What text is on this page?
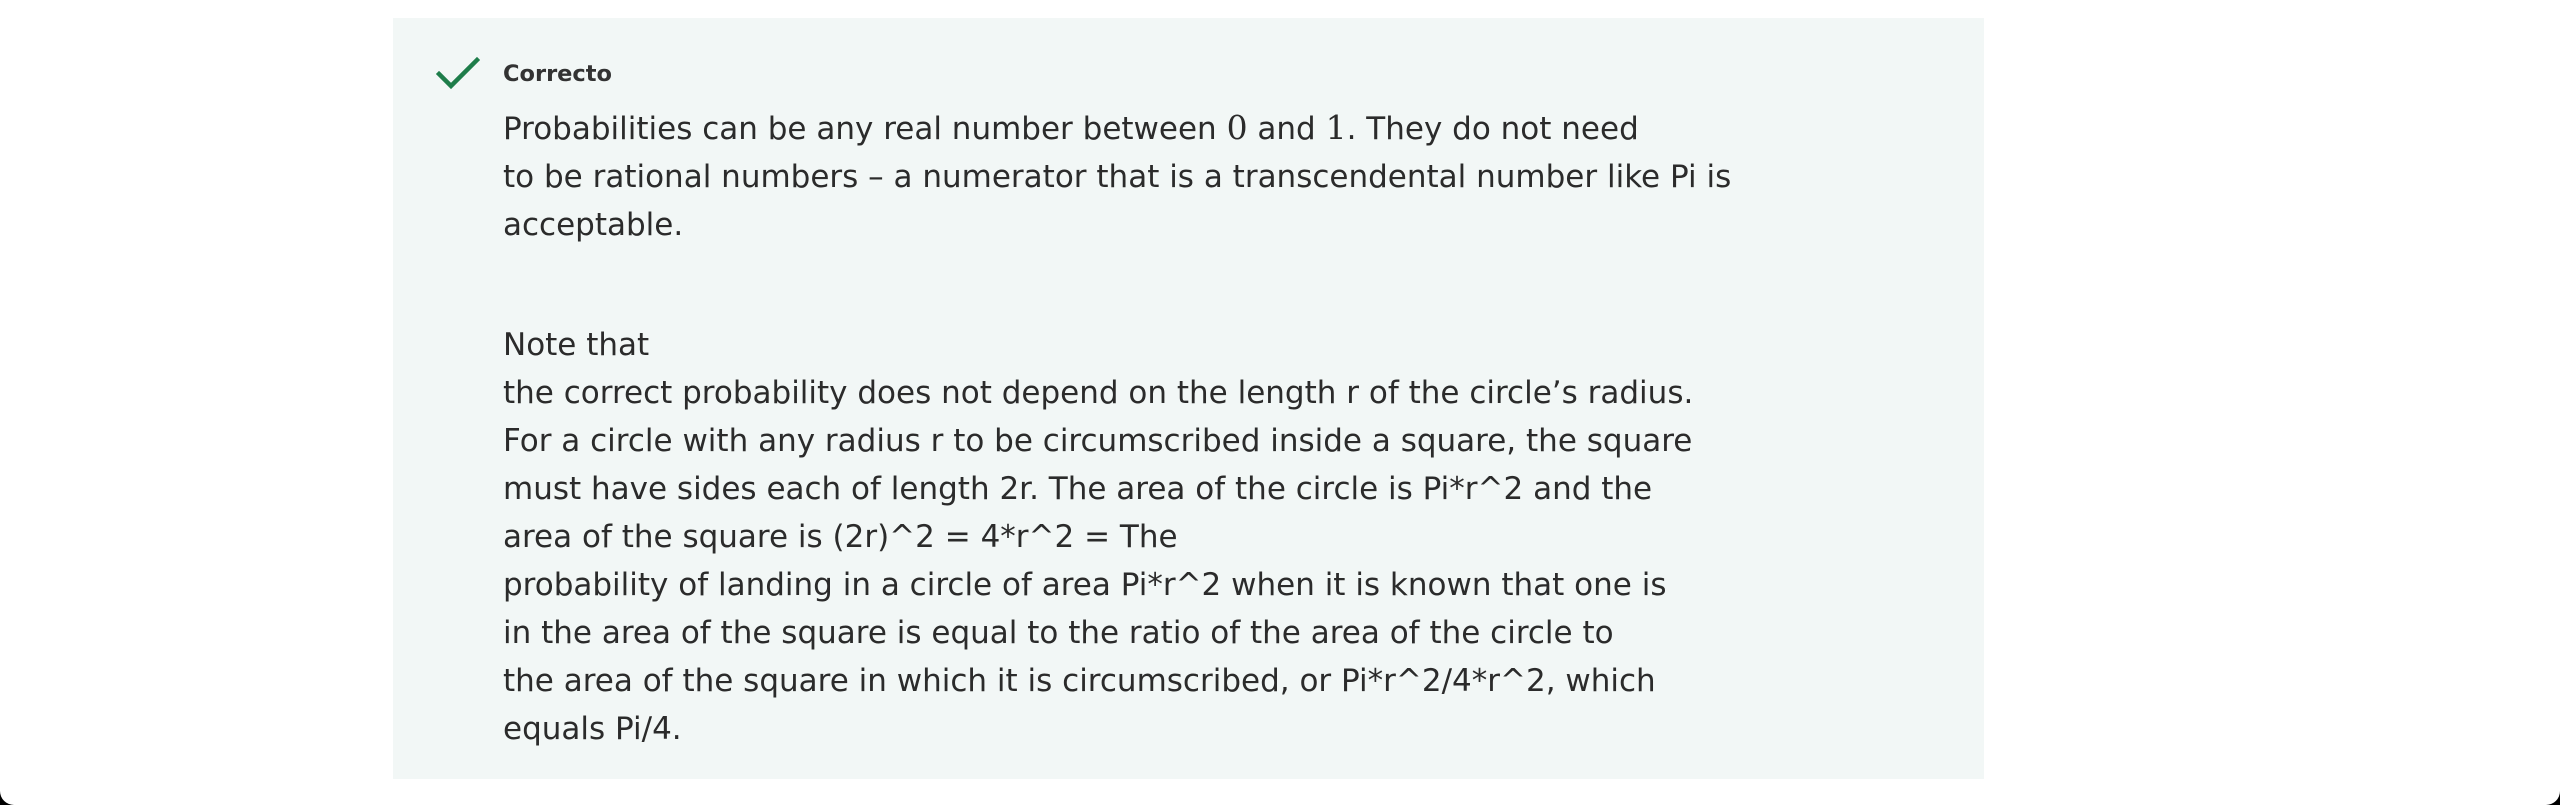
Correcto
Probabilities can be any real number between 0 and 1. They do not need
to be rational numbers – a numerator that is a transcendental number like Pi is
acceptable.
Note that
the correct probability does not depend on the length r of the circle’s radius.
For a circle with any radius r to be circumscribed inside a square, the square
must have sides each of length 2r. The area of the circle is Pi*r^2 and the
area of the square is (2r)^2 = 4*r^2 = The
probability of landing in a circle of area Pi*r^2 when it is known that one is
in the area of the square is equal to the ratio of the area of the circle to
the area of the square in which it is circumscribed, or Pi*r^2/4*r^2, which
equals Pi/4.
